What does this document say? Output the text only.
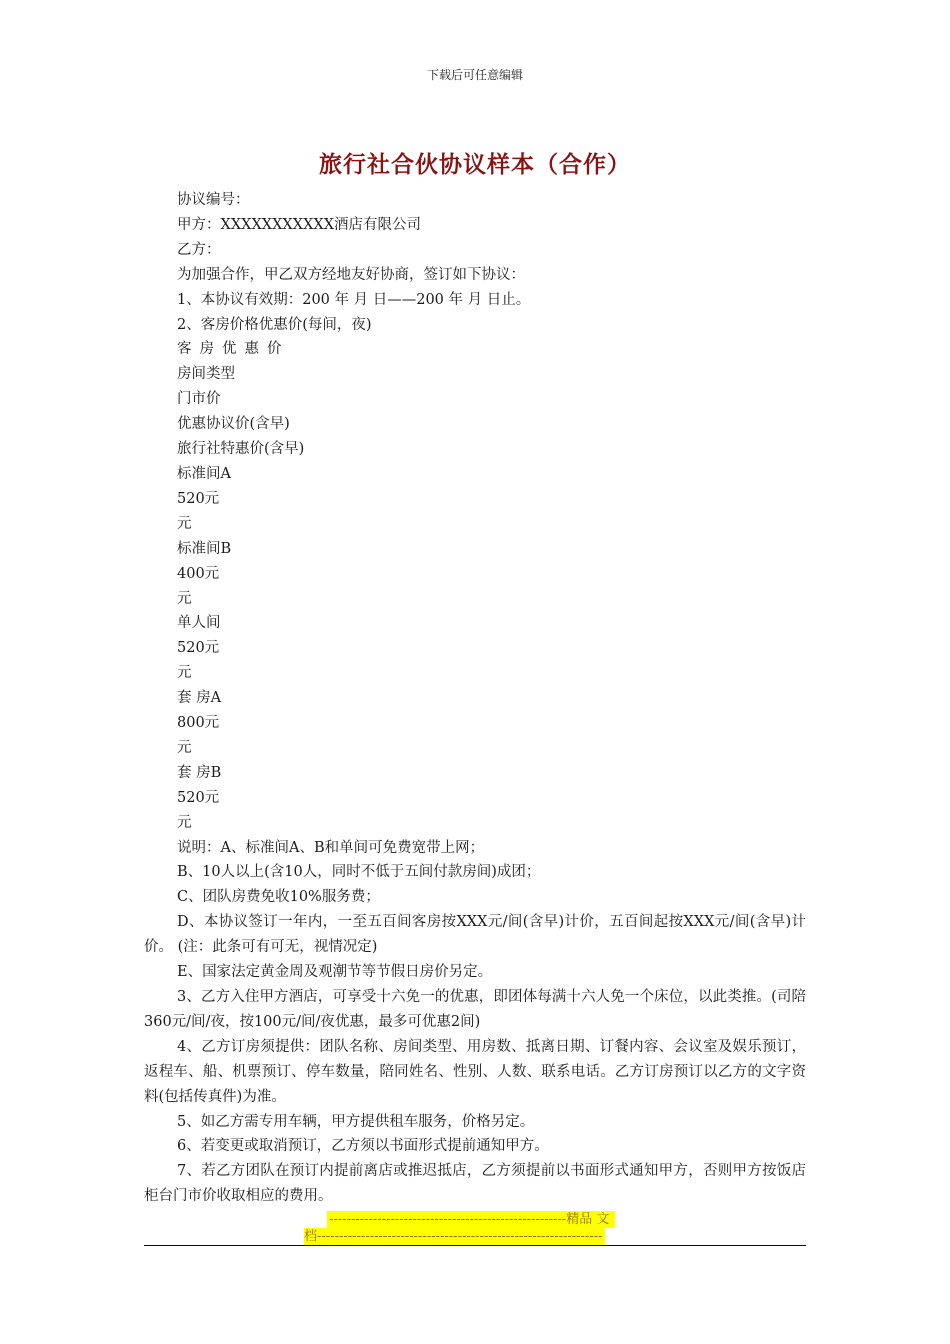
下载后可任意编辑
旅行社合伙协议样本（合作）
协议编号：
甲方：XXXXXXXXXXX酒店有限公司
乙方：
为加强合作，甲乙双方经地友好协商，签订如下协议：
1、本协议有效期：200 年 月 日——200 年 月 日止。
2、客房价格优惠价(每间，夜)
客房优惠价
房间类型
门市价
优惠协议价(含早)
旅行社特惠价(含早)
标准间A
520元
元
标准间B
400元
元
单人间
520元
元
套 房A
800元
元
套 房B
520元
元
说明：A、标准间A、B和单间可免费宽带上网；
B、10人以上(含10人，同时不低于五间付款房间)成团；
C、团队房费免收10%服务费；
D、本协议签订一年内，一至五百间客房按XXX元/间(含早)计价，五百间起按XXX元/间(含早)计价。 (注：此条可有可无，视情况定)
E、国家法定黄金周及观潮节等节假日房价另定。
3、乙方入住甲方酒店，可享受十六免一的优惠，即团体每满十六人免一个床位，以此类推。(司陪360元/间/夜，按100元/间/夜优惠，最多可优惠2间)
4、乙方订房须提供：团队名称、房间类型、用房数、抵离日期、订餐内容、会议室及娱乐预订，返程车、船、机票预订、停车数量，陪同姓名、性别、人数、联系电话。乙方订房预订以乙方的文字资料(包括传真件)为准。
5、如乙方需专用车辆，甲方提供租车服务，价格另定。
6、若变更或取消预订，乙方须以书面形式提前通知甲方。
7、若乙方团队在预订内提前离店或推迟抵店，乙方须提前以书面形式通知甲方，否则甲方按饭店柜台门市价收取相应的费用。
------------------------------------------------------精品 文
档-----------------------------------------------------------------
